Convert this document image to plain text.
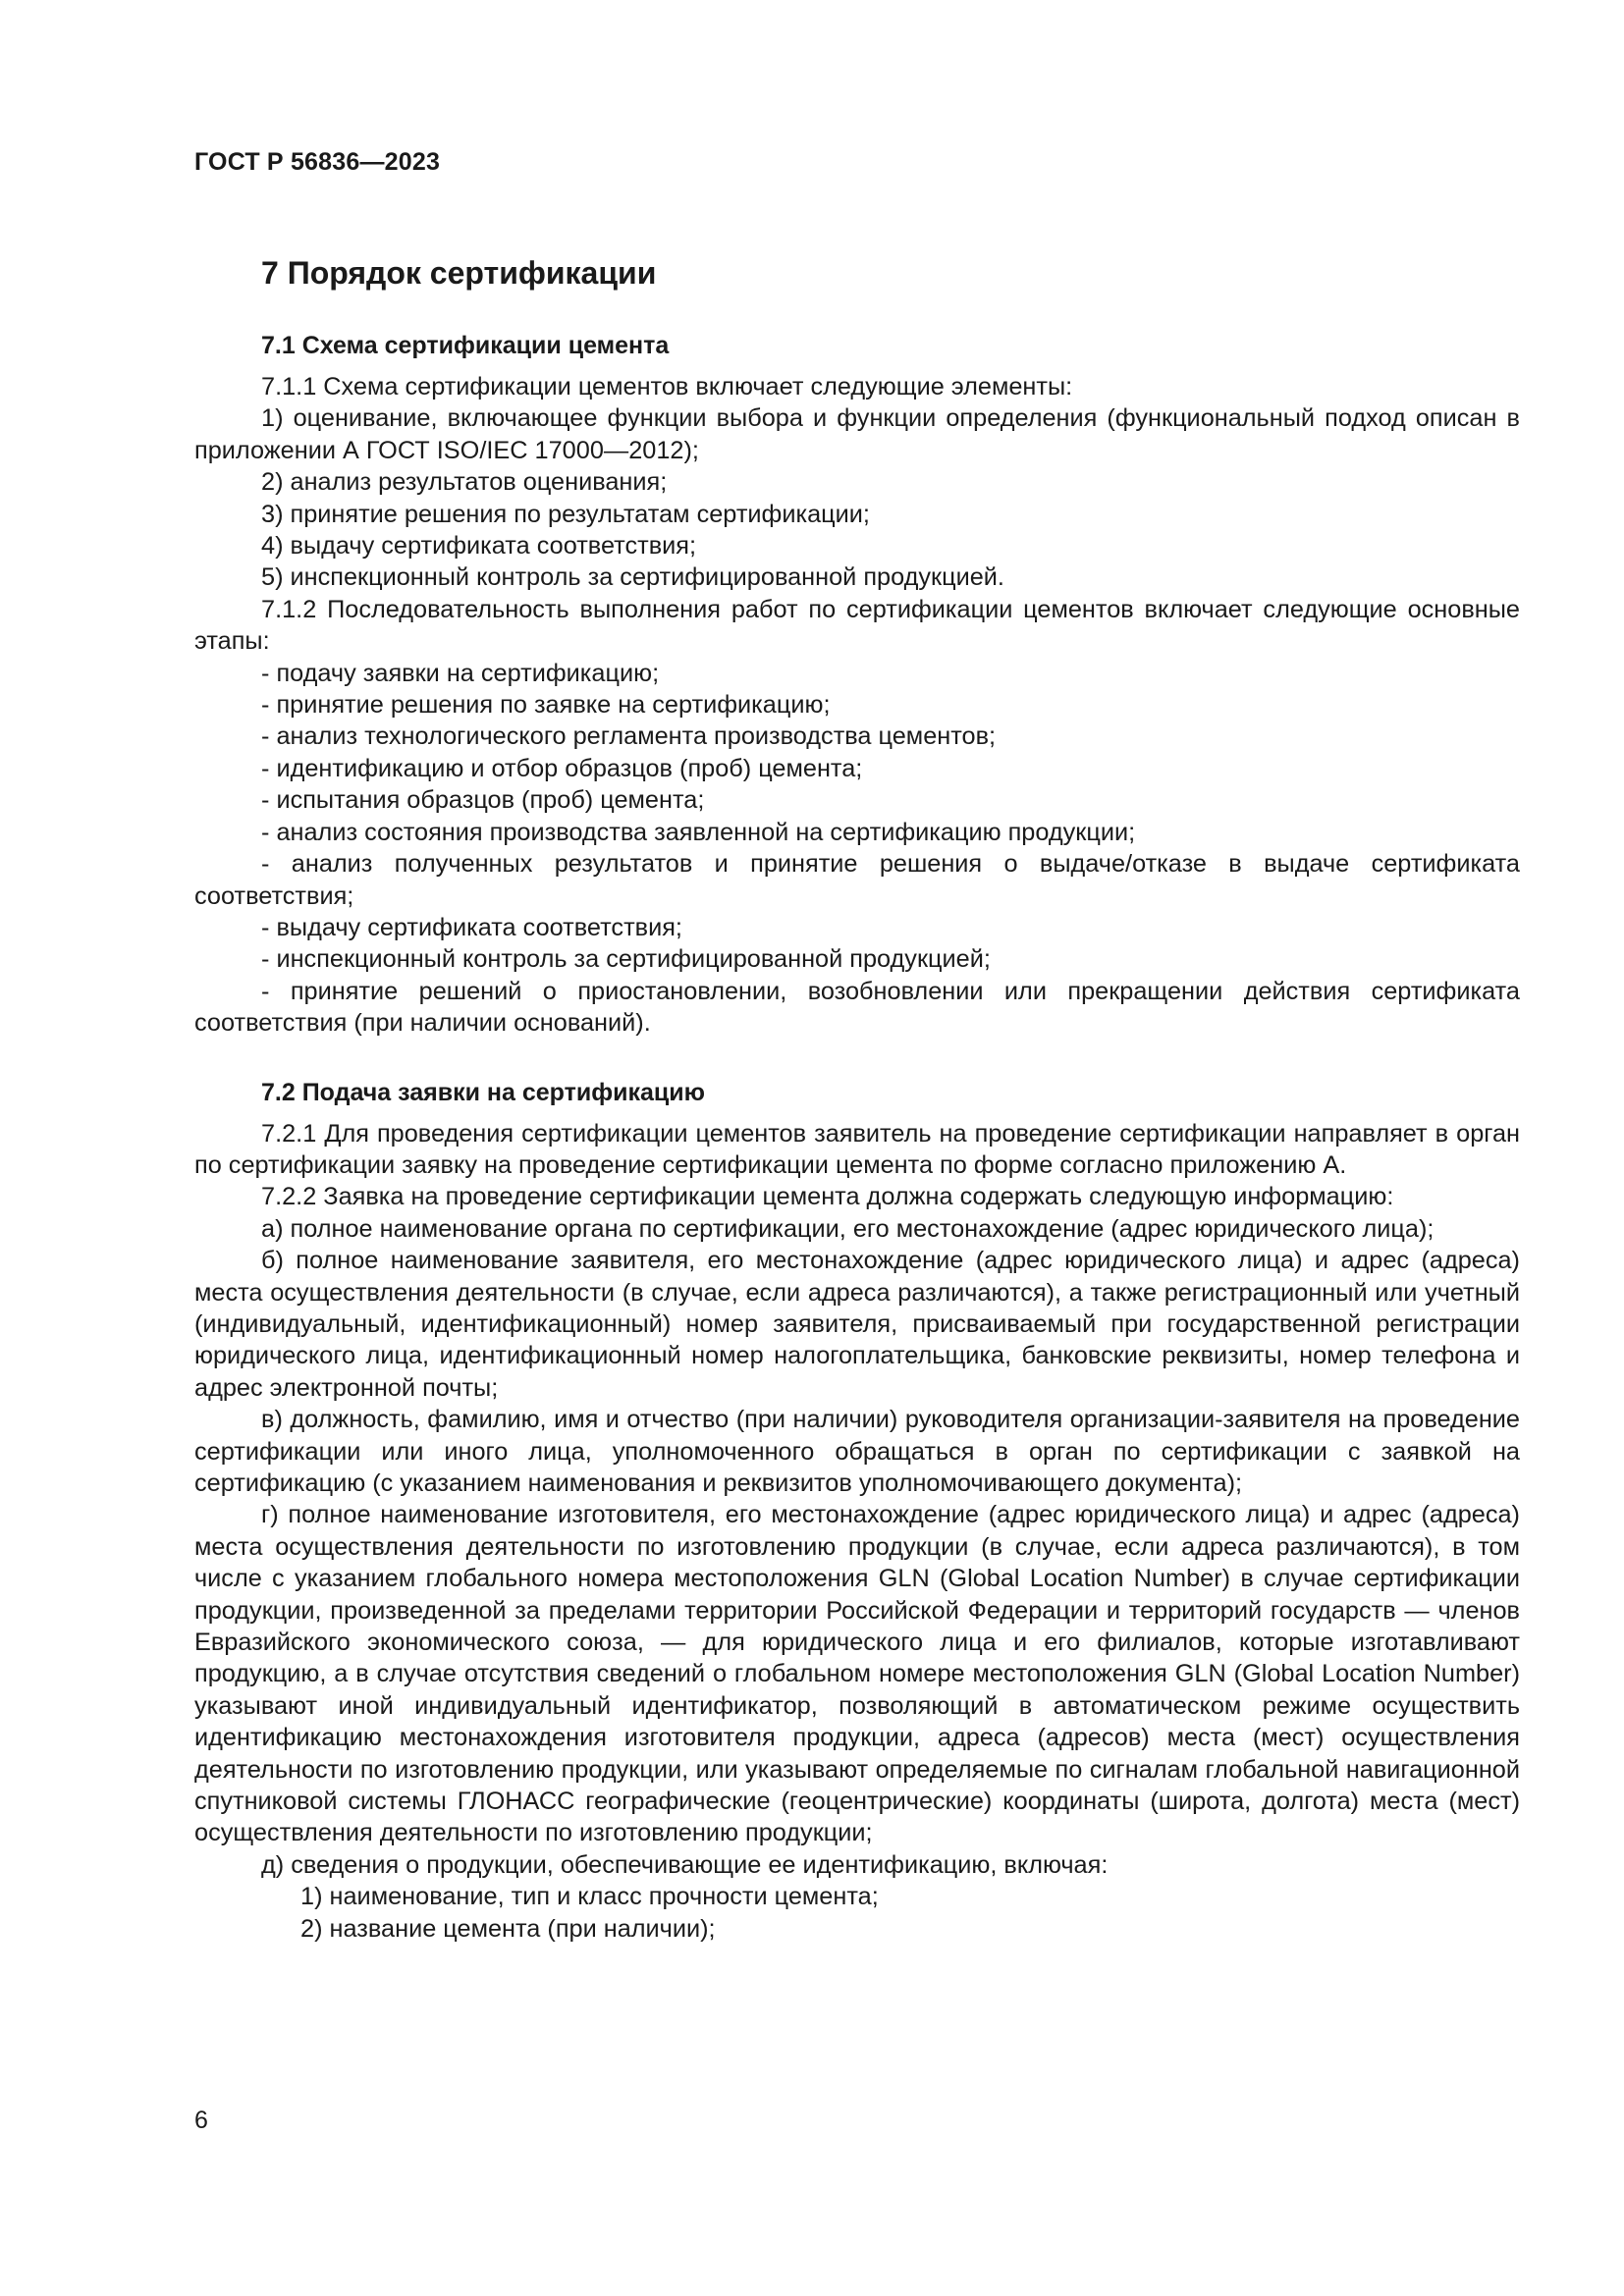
ГОСТ Р 56836—2023
7 Порядок сертификации
7.1 Схема сертификации цемента

7.1.1 Схема сертификации цементов включает следующие элементы:

1) оценивание, включающее функции выбора и функции определения (функциональный подход описан в приложении А ГОСТ ISO/IEC 17000—2012);

2) анализ результатов оценивания;

3) принятие решения по результатам сертификации;

4) выдачу сертификата соответствия;

5) инспекционный контроль за сертифицированной продукцией.

7.1.2 Последовательность выполнения работ по сертификации цементов включает следующие основные этапы:

- подачу заявки на сертификацию;

- принятие решения по заявке на сертификацию;

- анализ технологического регламента производства цементов;

- идентификацию и отбор образцов (проб) цемента;

- испытания образцов (проб) цемента;

- анализ состояния производства заявленной на сертификацию продукции;

- анализ полученных результатов и принятие решения о выдаче/отказе в выдаче сертификата соответствия;

- выдачу сертификата соответствия;

- инспекционный контроль за сертифицированной продукцией;

- принятие решений о приостановлении, возобновлении или прекращении действия сертификата соответствия (при наличии оснований).

7.2 Подача заявки на сертификацию

7.2.1 Для проведения сертификации цементов заявитель на проведение сертификации направляет в орган по сертификации заявку на проведение сертификации цемента по форме согласно приложению А.

7.2.2 Заявка на проведение сертификации цемента должна содержать следующую информацию:

а) полное наименование органа по сертификации, его местонахождение (адрес юридического лица);

б) полное наименование заявителя, его местонахождение (адрес юридического лица) и адрес (адреса) места осуществления деятельности (в случае, если адреса различаются), а также регистрационный или учетный (индивидуальный, идентификационный) номер заявителя, присваиваемый при государственной регистрации юридического лица, идентификационный номер налогоплательщика, банковские реквизиты, номер телефона и адрес электронной почты;

в) должность, фамилию, имя и отчество (при наличии) руководителя организации-заявителя на проведение сертификации или иного лица, уполномоченного обращаться в орган по сертификации с заявкой на сертификацию (с указанием наименования и реквизитов уполномочивающего документа);

г) полное наименование изготовителя, его местонахождение (адрес юридического лица) и адрес (адреса) места осуществления деятельности по изготовлению продукции (в случае, если адреса различаются), в том числе с указанием глобального номера местоположения GLN (Global Location Number) в случае сертификации продукции, произведенной за пределами территории Российской Федерации и территорий государств — членов Евразийского экономического союза, — для юридического лица и его филиалов, которые изготавливают продукцию, а в случае отсутствия сведений о глобальном номере местоположения GLN (Global Location Number) указывают иной индивидуальный идентификатор, позволяющий в автоматическом режиме осуществить идентификацию местонахождения изготовителя продукции, адреса (адресов) места (мест) осуществления деятельности по изготовлению продукции, или указывают определяемые по сигналам глобальной навигационной спутниковой системы ГЛОНАСС географические (геоцентрические) координаты (широта, долгота) места (мест) осуществления деятельности по изготовлению продукции;

д) сведения о продукции, обеспечивающие ее идентификацию, включая:

1) наименование, тип и класс прочности цемента;

2) название цемента (при наличии);

6
